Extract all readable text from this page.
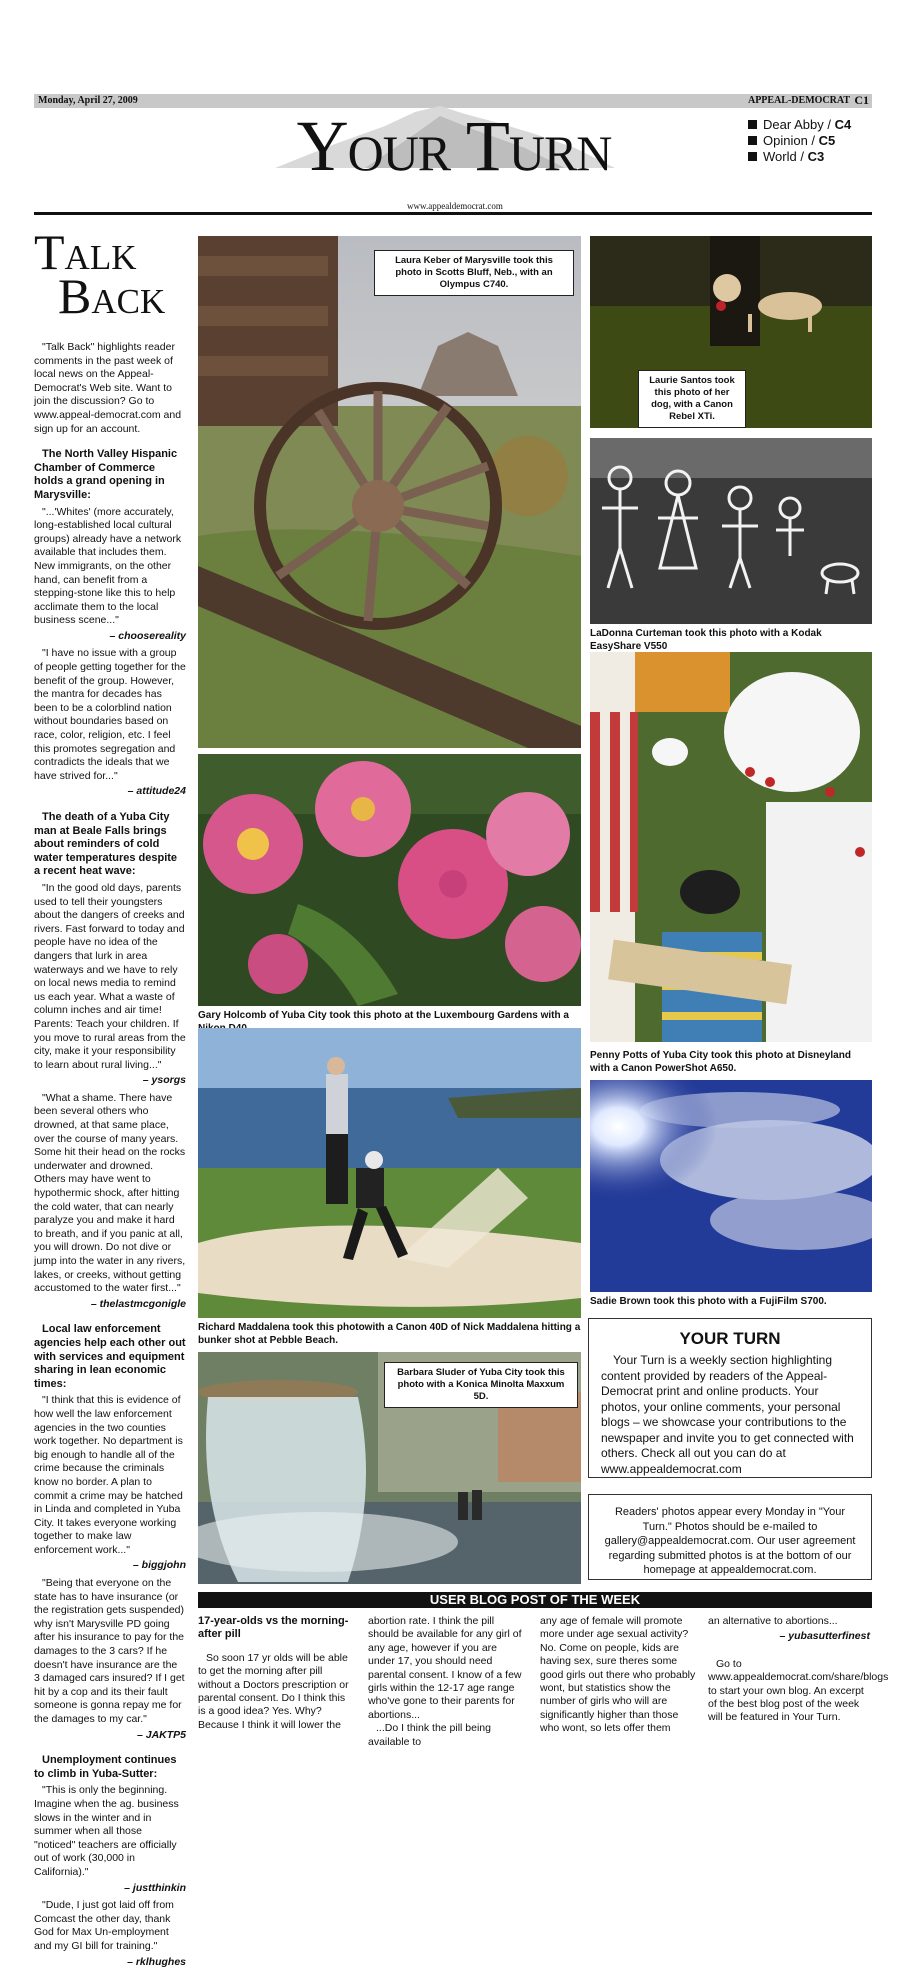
Monday, April 27, 2009	APPEAL-DEMOCRAT C1
Your Turn
www.appealdemocrat.com
Dear Abby / C4
Opinion / C5
World / C3
Talk
Back

"Talk Back" highlights reader comments in the past week of local news on the Appeal-Democrat's Web site. Want to join the discussion? Go to www.appeal-democrat.com and sign up for an account.

The North Valley Hispanic Chamber of Commerce holds a grand opening in Marysville:

"...'Whites' (more accurately, long-established local cultural groups) already have a network available that includes them. New immigrants, on the other hand, can benefit from a stepping-stone like this to help acclimate them to the local business scene..."

– choosereality

"I have no issue with a group of people getting together for the benefit of the group. However, the mantra for decades has been to be a colorblind nation without boundaries based on race, color, religion, etc. I feel this promotes segregation and contradicts the ideals that we have strived for..."

– attitude24

The death of a Yuba City man at Beale Falls brings about reminders of cold water temperatures despite a recent heat wave:

"In the good old days, parents used to tell their youngsters about the dangers of creeks and rivers. Fast forward to today and people have no idea of the dangers that lurk in area waterways and we have to rely on local news media to remind us each year. What a waste of column inches and air time! Parents: Teach your children. If you move to rural areas from the city, make it your responsibility to learn about rural living..."

– ysorgs

"What a shame. There have been several others who drowned, at that same place, over the course of many years. Some hit their head on the rocks underwater and drowned. Others may have went to hypothermic shock, after hitting the cold water, that can nearly paralyze you and make it hard to breath, and if you panic at all, you will drown. Do not dive or jump into the water in any rivers, lakes, or creeks, without getting accustomed to the water first..."

– thelastmcgonigle

Local law enforcement agencies help each other out with services and equipment sharing in lean economic times:

"I think that this is evidence of how well the law enforcement agencies in the two counties work together. No department is big enough to handle all of the crime because the criminals know no border. A plan to commit a crime may be hatched in Linda and completed in Yuba City. It takes everyone working together to make law enforcement work..."

– biggjohn

"Being that everyone on the state has to have insurance (or the registration gets suspended) why isn't Marysville PD going after his insurance to pay for the damages to the 3 cars? If he doesn't have insurance are the 3 damaged cars insured? If I get hit by a cop and its their fault someone is gonna repay me for the damages to my car."

– JAKTP5

Unemployment continues to climb in Yuba-Sutter:

"This is only the beginning. Imagine when the ag. business slows in the winter and in summer when all those "noticed" teachers are officially out of work (30,000 in California)."

– justthinkin

"Dude, I just got laid off from Comcast the other day, thank God for Max Un-employment and my GI bill for training."

– rklhughes

Laura Keber of Marysville took this photo in Scotts Bluff, Neb., with an Olympus C740.
Laurie Santos took this photo of her dog, with a Canon Rebel XTi.
LaDonna Curteman took this photo with a Kodak EasyShare V550
Gary Holcomb of Yuba City took this photo at the Luxembourg Gardens with a
Penny Potts of Yuba City took this photo at Disneyland with a Canon PowerShot A650.
Richard Maddalena took this photowith a Canon 40D of Nick Maddalena hitting a bunker shot at Pebble Beach.
Sadie Brown took this photo with a FujiFilm S700.
Barbara Sluder of Yuba City took this photo with a Konica Minolta Maxxum 5D.
YOUR TURN

Your Turn is a weekly section highlighting content provided by readers of the Appeal-Democrat print and online products. Your photos, your online comments, your personal blogs – we showcase your contributions to the newspaper and invite you to get connected with others. Check all out you can do at www.appealdemocrat.com

Readers' photos appear every Monday in "Your Turn." Photos should be e-mailed to gallery@appealdemocrat.com. Our user agreement regarding submitted photos is at the bottom of our homepage at appealdemocrat.com.

USER BLOG POST OF THE WEEK

17-year-olds vs the morning-after pill

So soon 17 yr olds will be able to get the morning after pill without a Doctors prescription or parental consent. Do I think this is a good idea? Yes. Why? Because I think it will lower the

abortion rate. I think the pill should be available for any girl of any age, however if you are under 17, you should need parental consent. I know of a few girls within the 12-17 age range who've gone to their parents for abortions...

...Do I think the pill being available to

any age of female will promote more under age sexual activity? No. Come on people, kids are having sex, sure theres some good girls out there who probably wont, but statistics show the number of girls who will are significantly higher than those who wont, so lets offer them

an alternative to abortions...

– yubasutterfinest

Go to www.appealdemocrat.com/share/blogs to start your own blog. An excerpt of the best blog post of the week will be featured in Your Turn.
